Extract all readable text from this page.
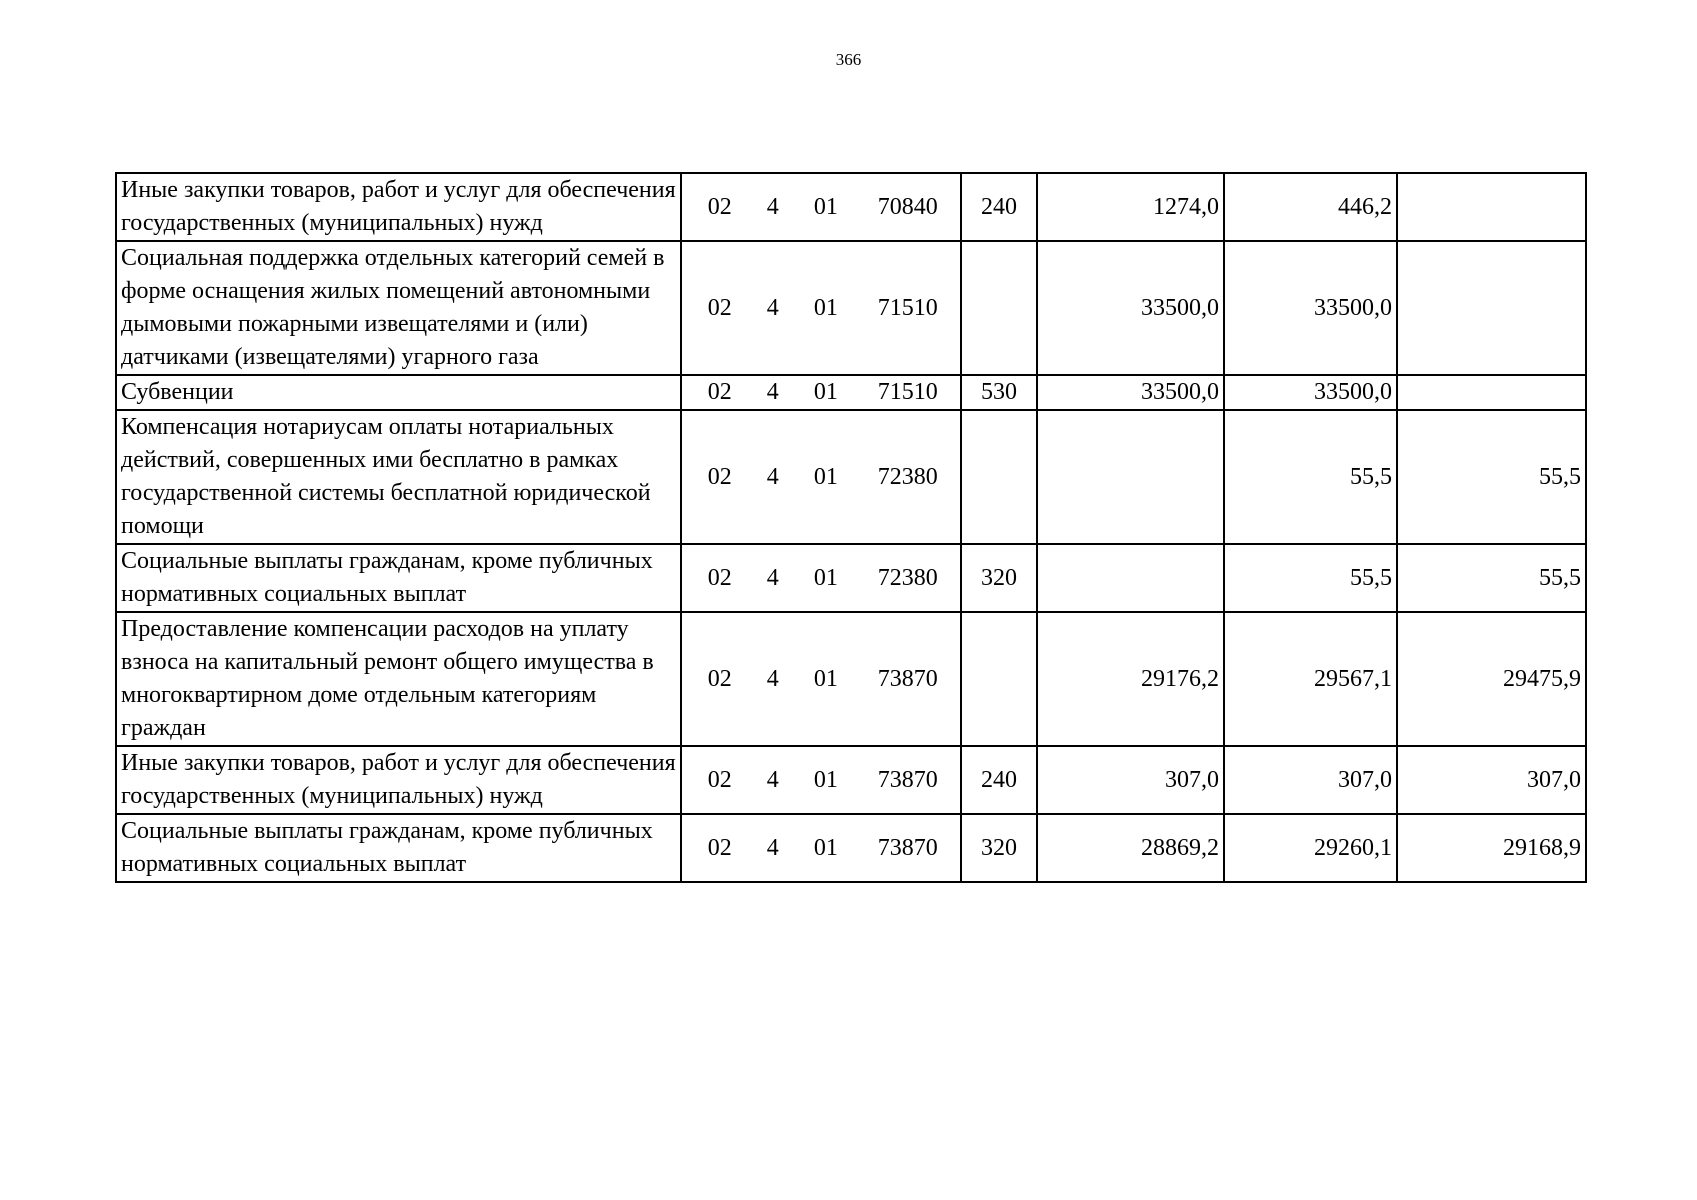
366
Иные закупки товаров, работ и услуг для обеспечения государственных (муниципальных) нужд	02 4 01 70840	240	1274,0	446,2	
Социальная поддержка отдельных категорий семей в форме оснащения жилых помещений автономными дымовыми пожарными извещателями и (или) датчиками (извещателями) угарного газа	02 4 01 71510		33500,0	33500,0	
Субвенции	02 4 01 71510	530	33500,0	33500,0	
Компенсация нотариусам оплаты нотариальных действий, совершенных ими бесплатно в рамках государственной системы бесплатной юридической помощи	02 4 01 72380			55,5	55,5
Социальные выплаты гражданам, кроме публичных нормативных социальных выплат	02 4 01 72380	320		55,5	55,5
Предоставление компенсации расходов на уплату взноса на капитальный ремонт общего имущества в многоквартирном доме отдельным категориям граждан	02 4 01 73870		29176,2	29567,1	29475,9
Иные закупки товаров, работ и услуг для обеспечения государственных (муниципальных) нужд	02 4 01 73870	240	307,0	307,0	307,0
Социальные выплаты гражданам, кроме публичных нормативных социальных выплат	02 4 01 73870	320	28869,2	29260,1	29168,9
